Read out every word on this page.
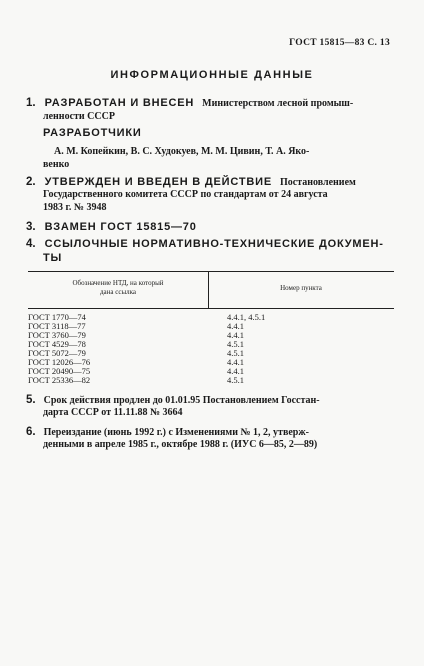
ГОСТ 15815—83 С. 13
ИНФОРМАЦИОННЫЕ ДАННЫЕ
1. РАЗРАБОТАН И ВНЕСЕН Министерством лесной промыш-
ленности СССР
РАЗРАБОТЧИКИ
А. М. Копейкин, В. С. Худокуев, М. М. Цивин, Т. А. Яко-
венко
2. УТВЕРЖДЕН И ВВЕДЕН В ДЕЙСТВИЕ Постановлением
Государственного комитета СССР по стандартам от 24 августа
1983 г. № 3948
3. ВЗАМЕН ГОСТ 15815—70
4. ССЫЛОЧНЫЕ НОРМАТИВНО-ТЕХНИЧЕСКИЕ ДОКУМЕН-
ТЫ
Обозначение НТД, на который
дана ссылка	Номер пункта
ГОСТ 1770—74	4.4.1, 4.5.1
ГОСТ 3118—77	4.4.1
ГОСТ 3760—79	4.4.1
ГОСТ 4529—78	4.5.1
ГОСТ 5072—79	4.5.1
ГОСТ 12026—76	4.4.1
ГОСТ 20490—75	4.4.1
ГОСТ 25336—82	4.5.1
5. Срок действия продлен до 01.01.95 Постановлением Госстан-
дарта СССР от 11.11.88 № 3664
6. Переиздание (июнь 1992 г.) с Изменениями № 1, 2, утверж-
денными в апреле 1985 г., октябре 1988 г. (ИУС 6—85, 2—89)
